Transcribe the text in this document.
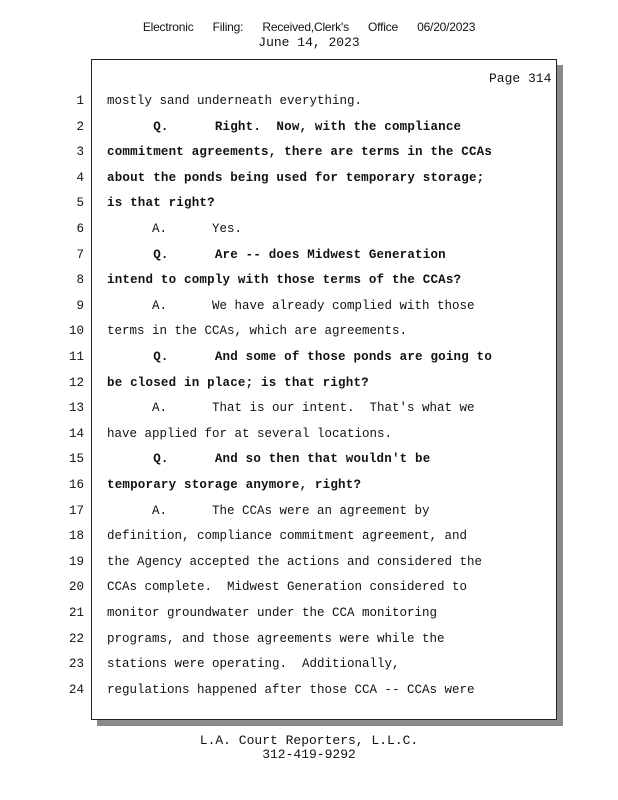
Electronic Filing: Received,Clerk's Office 06/20/2023
June 14, 2023
Page 314
1 mostly sand underneath everything.
2 Q.      Right.  Now, with the compliance
3 commitment agreements, there are terms in the CCAs
4 about the ponds being used for temporary storage;
5 is that right?
6 A.      Yes.
7 Q.      Are -- does Midwest Generation
8 intend to comply with those terms of the CCAs?
9 A.      We have already complied with those
10 terms in the CCAs, which are agreements.
11 Q.      And some of those ponds are going to
12 be closed in place; is that right?
13 A.      That is our intent.  That's what we
14 have applied for at several locations.
15 Q.      And so then that wouldn't be
16 temporary storage anymore, right?
17 A.      The CCAs were an agreement by
18 definition, compliance commitment agreement, and
19 the Agency accepted the actions and considered the
20 CCAs complete.  Midwest Generation considered to
21 monitor groundwater under the CCA monitoring
22 programs, and those agreements were while the
23 stations were operating.  Additionally,
24 regulations happened after those CCA -- CCAs were
L.A. Court Reporters, L.L.C.
312-419-9292
